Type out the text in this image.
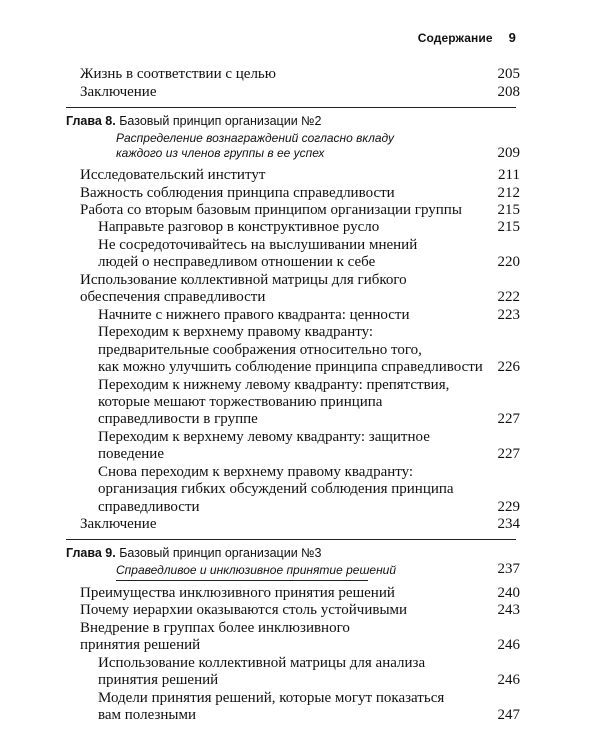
Содержание 9
Жизнь в соответствии с целью	205
Заключение	208
Глава 8. Базовый принцип организации №2
Распределение вознаграждений согласно вкладу
каждого из членов группы в ее успех	209
Исследовательский институт	211
Важность соблюдения принципа справедливости	212
Работа со вторым базовым принципом организации группы 215
Направьте разговор в конструктивное русло	215
Не сосредоточивайтесь на выслушивании мнений
людей о несправедливом отношении к себе	220
Использование коллективной матрицы для гибкого
обеспечения справедливости	222
Начните с нижнего правого квадранта: ценности	223
Переходим к верхнему правому квадранту:
предварительные соображения относительно того,
как можно улучшить соблюдение принципа справедливости 226
Переходим к нижнему левому квадранту: препятствия,
которые мешают торжествованию принципа
справедливости в группе	227
Переходим к верхнему левому квадранту: защитное
поведение	227
Снова переходим к верхнему правому квадранту:
организация гибких обсуждений соблюдения принципа
справедливости	229
Заключение	234
Глава 9. Базовый принцип организации №3
Справедливое и инклюзивное принятие решений	237
Преимущества инклюзивного принятия решений	240
Почему иерархии оказываются столь устойчивыми	243
Внедрение в группах более инклюзивного
принятия решений	246
Использование коллективной матрицы для анализа
принятия решений	246
Модели принятия решений, которые могут показаться
вам полезными	247
